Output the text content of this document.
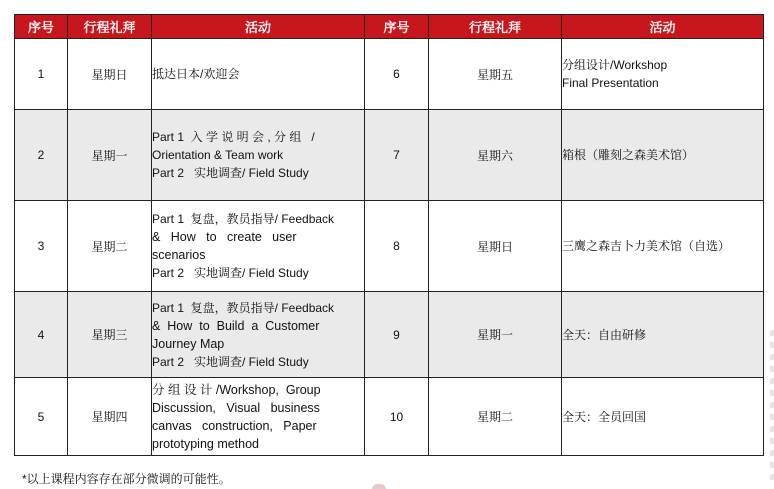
序号	行程礼拜	活动	序号	行程礼拜	活动
1	星期日	抵达日本/欢迎会	6	星期五	分组设计/Workshop
Final Presentation

2	星期一	Part 1  入 学 说 明 会 , 分 组   /
Orientation & Team work
Part 2   实地调查/ Field Study	7	星期六	箱根（雕刻之森美术馆）

3	星期二	Part 1  复盘，教员指导/ Feedback
&   How   to   create   user
scenarios
Part 2   实地调查/ Field Study	8	星期日	三鹰之森吉卜力美术馆（自选）

4	星期三	Part 1  复盘，教员指导/ Feedback
&  How  to  Build  a  Customer
Journey Map
Part 2   实地调查/ Field Study	9	星期一	全天：自由研修

5	星期四	分 组 设 计 /Workshop,  Group
Discussion,   Visual   business
canvas   construction,   Paper
prototyping method	10	星期二	全天：全员回国
*以上课程内容存在部分微调的可能性。
